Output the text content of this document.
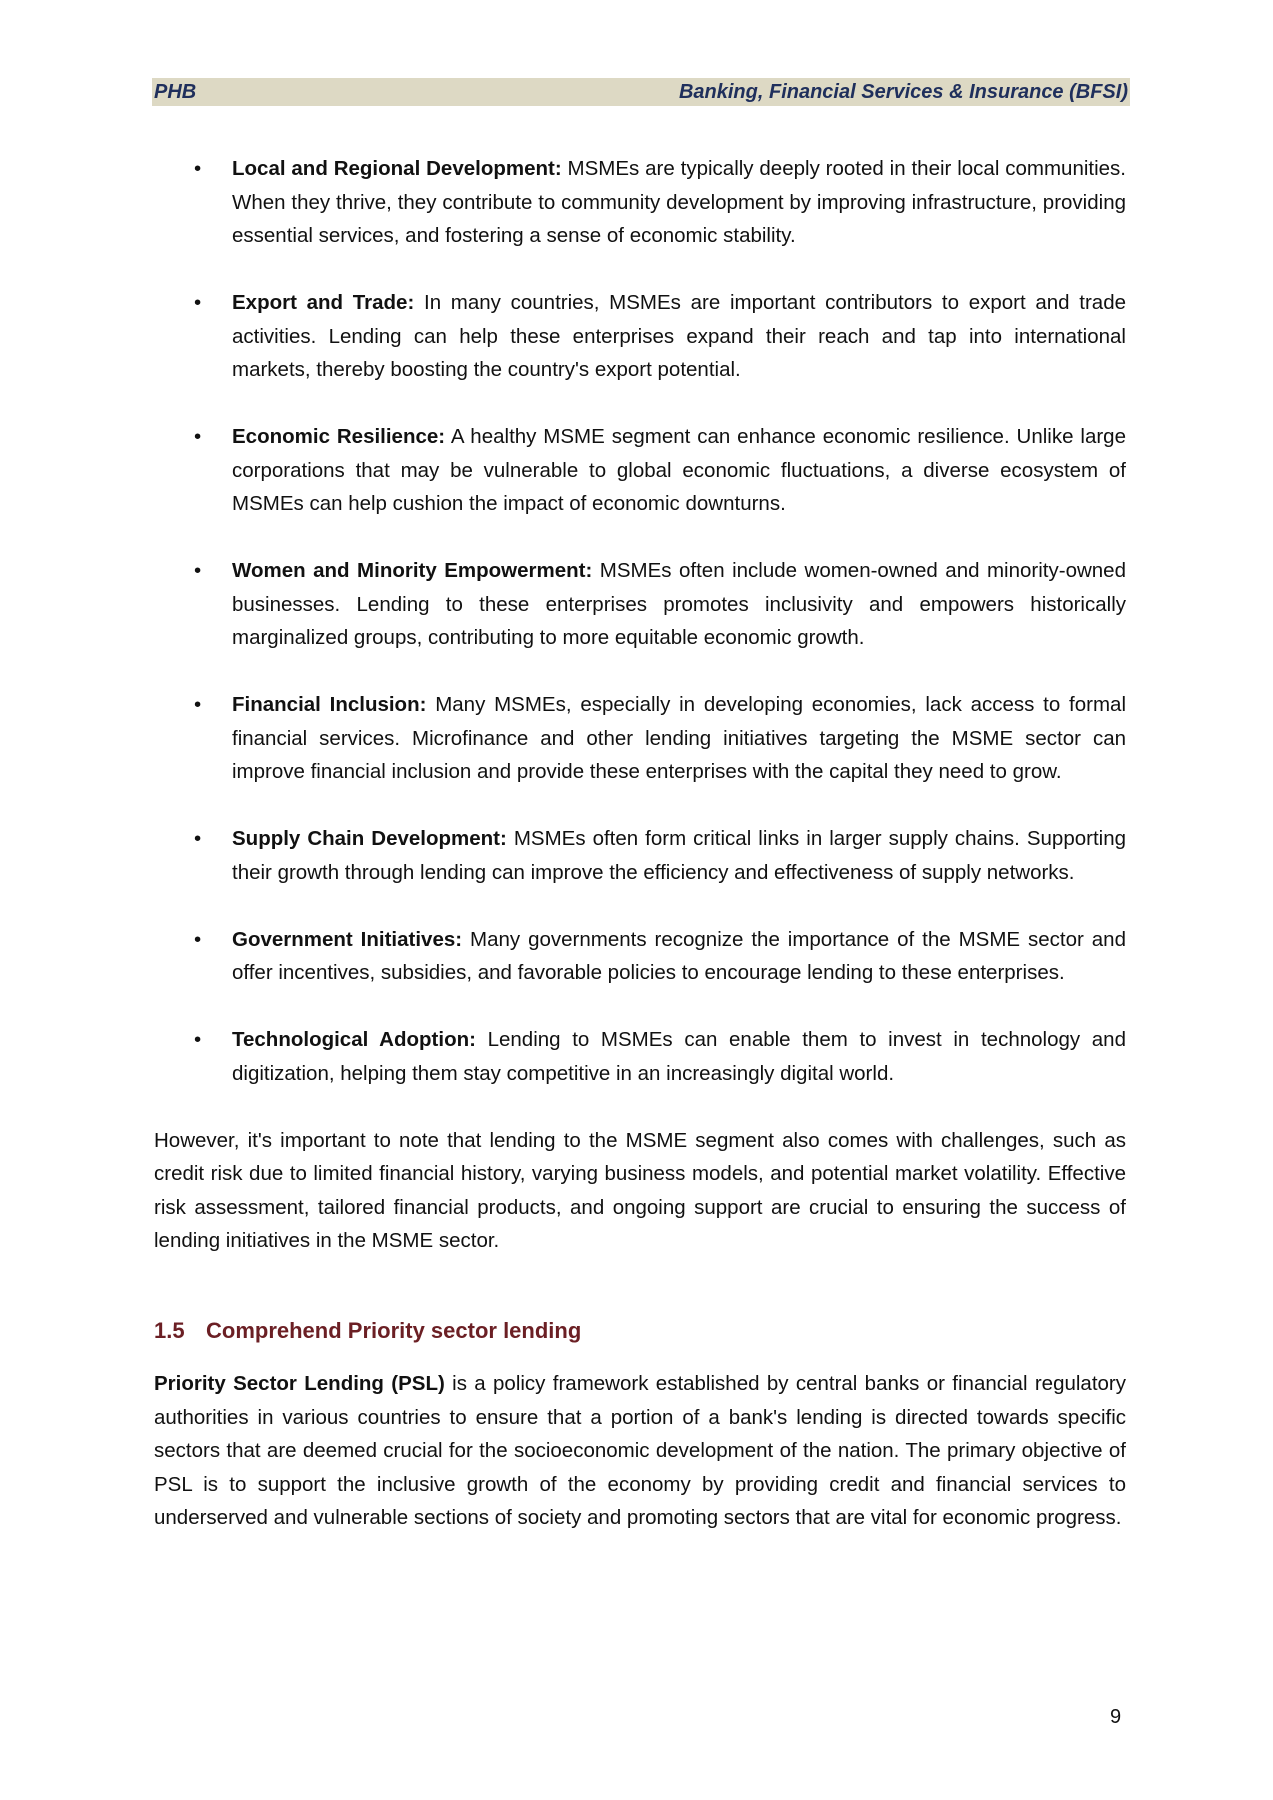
PHB	Banking, Financial Services & Insurance (BFSI)
• Local and Regional Development: MSMEs are typically deeply rooted in their local communities. When they thrive, they contribute to community development by improving infrastructure, providing essential services, and fostering a sense of economic stability.
• Export and Trade: In many countries, MSMEs are important contributors to export and trade activities. Lending can help these enterprises expand their reach and tap into international markets, thereby boosting the country's export potential.
• Economic Resilience: A healthy MSME segment can enhance economic resilience. Unlike large corporations that may be vulnerable to global economic fluctuations, a diverse ecosystem of MSMEs can help cushion the impact of economic downturns.
• Women and Minority Empowerment: MSMEs often include women-owned and minority-owned businesses. Lending to these enterprises promotes inclusivity and empowers historically marginalized groups, contributing to more equitable economic growth.
• Financial Inclusion: Many MSMEs, especially in developing economies, lack access to formal financial services. Microfinance and other lending initiatives targeting the MSME sector can improve financial inclusion and provide these enterprises with the capital they need to grow.
• Supply Chain Development: MSMEs often form critical links in larger supply chains. Supporting their growth through lending can improve the efficiency and effectiveness of supply networks.
• Government Initiatives: Many governments recognize the importance of the MSME sector and offer incentives, subsidies, and favorable policies to encourage lending to these enterprises.
• Technological Adoption: Lending to MSMEs can enable them to invest in technology and digitization, helping them stay competitive in an increasingly digital world.

However, it's important to note that lending to the MSME segment also comes with challenges, such as credit risk due to limited financial history, varying business models, and potential market volatility. Effective risk assessment, tailored financial products, and ongoing support are crucial to ensuring the success of lending initiatives in the MSME sector.

1.5 Comprehend Priority sector lending

Priority Sector Lending (PSL) is a policy framework established by central banks or financial regulatory authorities in various countries to ensure that a portion of a bank's lending is directed towards specific sectors that are deemed crucial for the socioeconomic development of the nation. The primary objective of PSL is to support the inclusive growth of the economy by providing credit and financial services to underserved and vulnerable sections of society and promoting sectors that are vital for economic progress.

9
